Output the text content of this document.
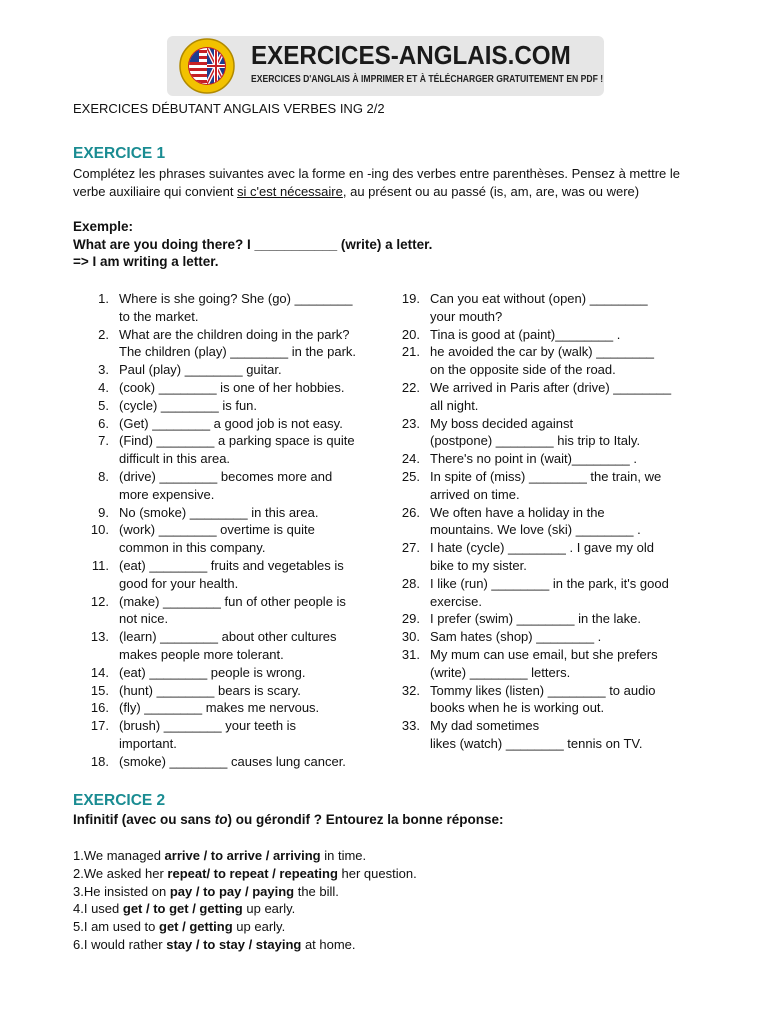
EXERCICES-ANGLAIS.COM
EXERCICES D'ANGLAIS À IMPRIMER ET À TÉLÉCHARGER GRATUITEMENT EN PDF !
EXERCICES DÉBUTANT ANGLAIS VERBES ING 2/2
EXERCICE 1
Complétez les phrases suivantes avec la forme en -ing des verbes entre parenthèses. Pensez à mettre le verbe auxiliaire qui convient si c'est nécessaire, au présent ou au passé (is, am, are, was ou were)
Exemple:
What are you doing there? I ___________ (write) a letter.
=> I am writing a letter.
1. Where is she going? She (go) ________
to the market.
2. What are the children doing in the park?
The children (play) ________ in the park.
3. Paul (play) ________ guitar.
4. (cook) ________ is one of her hobbies.
5. (cycle) ________ is fun.
6. (Get) ________ a good job is not easy.
7. (Find) ________ a parking space is quite
difficult in this area.
8. (drive) ________ becomes more and
more expensive.
9. No (smoke) ________ in this area.
10. (work) ________ overtime is quite
common in this company.
11. (eat) ________ fruits and vegetables is
good for your health.
12. (make) ________ fun of other people is
not nice.
13. (learn) ________ about other cultures
makes people more tolerant.
14. (eat) ________ people is wrong.
15. (hunt) ________ bears is scary.
16. (fly) ________ makes me nervous.
17. (brush) ________ your teeth is
important.
18. (smoke) ________ causes lung cancer.
19. Can you eat without (open) ________
your mouth?
20. Tina is good at (paint)________ .
21. he avoided the car by (walk) ________
on the opposite side of the road.
22. We arrived in Paris after (drive) ________
all night.
23. My boss decided against
(postpone) ________ his trip to Italy.
24. There's no point in (wait)________ .
25. In spite of (miss) ________ the train, we
arrived on time.
26. We often have a holiday in the
mountains. We love (ski) ________ .
27. I hate (cycle) ________ . I gave my old
bike to my sister.
28. I like (run) ________ in the park, it's good
exercise.
29. I prefer (swim) ________ in the lake.
30. Sam hates (shop) ________ .
31. My mum can use email, but she prefers
(write) ________ letters.
32. Tommy likes (listen) ________ to audio
books when he is working out.
33. My dad sometimes
likes (watch) ________ tennis on TV.
EXERCICE 2
Infinitif (avec ou sans to) ou gérondif ? Entourez la bonne réponse:
1.We managed arrive / to arrive / arriving in time.
2.We asked her repeat/ to repeat / repeating her question.
3.He insisted on pay / to pay / paying the bill.
4.I used get / to get / getting up early.
5.I am used to get / getting up early.
6.I would rather stay / to stay / staying at home.
